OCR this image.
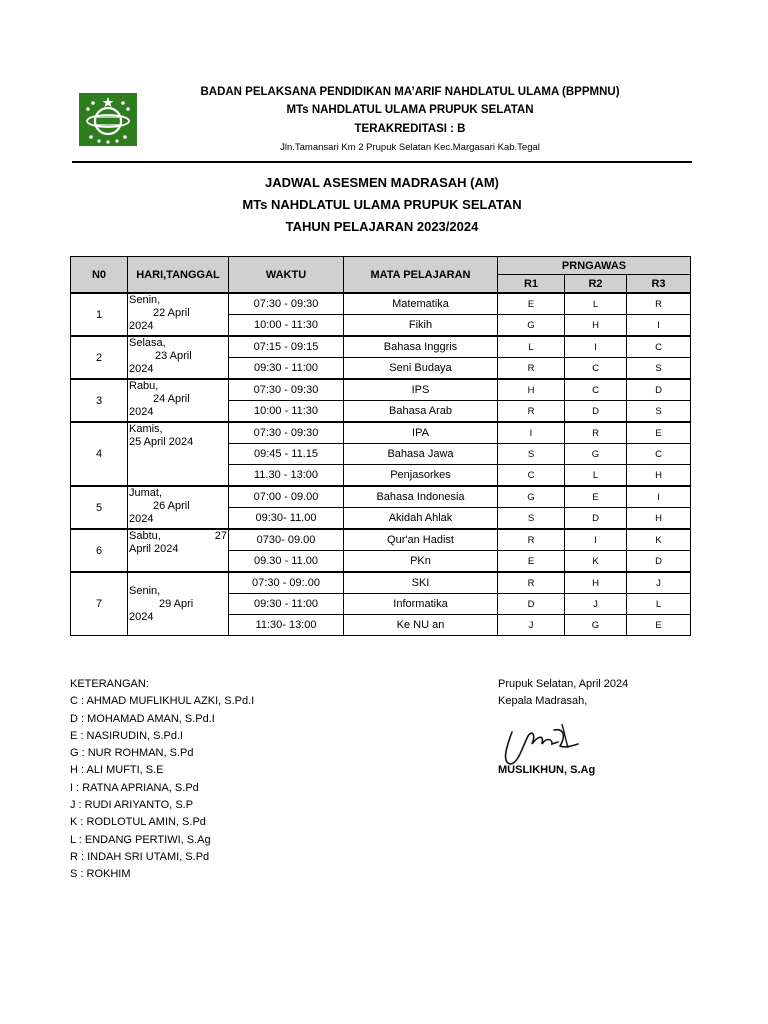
BADAN PELAKSANA PENDIDIKAN MA’ARIF NAHDLATUL ULAMA (BPPMNU)
MTs NAHDLATUL ULAMA PRUPUK SELATAN
TERAKREDITASI : B
Jln.Tamansari Km 2 Prupuk Selatan Kec.Margasari Kab.Tegal
JADWAL ASESMEN MADRASAH (AM)
MTs NAHDLATUL ULAMA PRUPUK SELATAN
TAHUN PELAJARAN 2023/2024
N0	HARI,TANGGAL	WAKTU	MATA PELAJARAN	PRNGAWAS		
				R1	R2	R3
1	Senin,
22 April
2024	07:30 - 09:30	Matematika	E	L	R
		10:00 - 11:30	Fikih	G	H	I
2	Selasa,
23 April
2024	07:15 - 09:15	Bahasa Inggris	L	I	C
		09:30 - 11:00	Seni Budaya	R	C	S
3	Rabu,
24 April
2024	07:30 - 09:30	IPS	H	C	D
		10:00 - 11:30	Bahasa Arab	R	D	S
4	Kamis,
25 April 2024	07:30 - 09:30	IPA	I	R	E
		09:45 - 11.15	Bahasa Jawa	S	G	C
		11.30 - 13:00	Penjasorkes	C	L	H
5	Jumat,
26 April
2024	07:00 - 09.00	Bahasa Indonesia	G	E	I
		09:30- 11.00	Akidah Ahlak	S	D	H
6	Sabtu, 27
April 2024	0730- 09.00	Qur'an Hadist	R	I	K
		09.30 - 11.00	PKn	E	K	D
7	Senin,
29 Apri
2024	07:30 - 09:.00	SKI	R	H	J
		09:30 - 11:00	Informatika	D	J	L
		11:30- 13:00	Ke NU an	J	G	E
KETERANGAN:
C : AHMAD MUFLIKHUL AZKI, S.Pd.I
D : MOHAMAD AMAN, S.Pd.I
E : NASIRUDIN, S.Pd.I
G : NUR ROHMAN, S.Pd
H : ALI MUFTI, S.E
I : RATNA APRIANA, S.Pd
J : RUDI ARIYANTO, S.P
K : RODLOTUL AMIN, S.Pd
L : ENDANG PERTIWI, S.Ag
R : INDAH SRI UTAMI, S.Pd
S : ROKHIM
Prupuk Selatan, April 2024
Kepala Madrasah,
MUSLIKHUN, S.Ag
